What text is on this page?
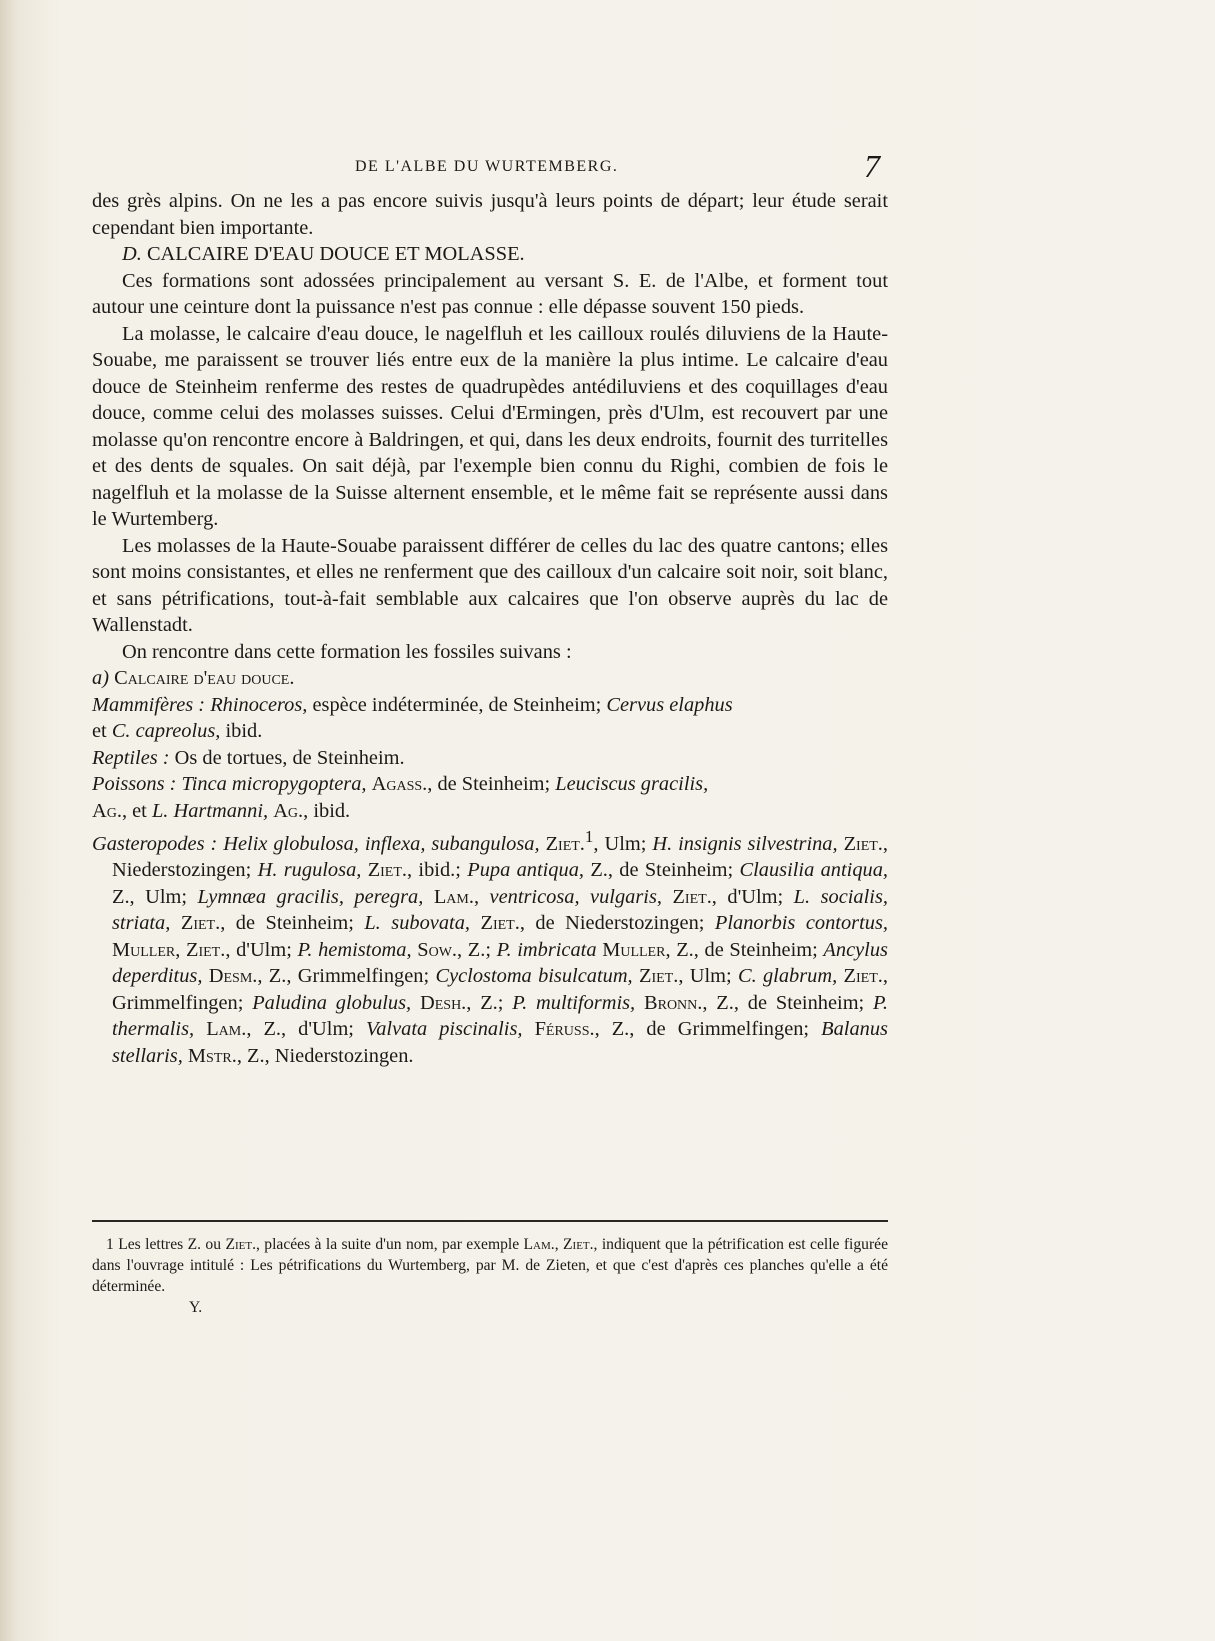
DE L'ALBE DU WURTEMBERG.	7

des grès alpins. On ne les a pas encore suivis jusqu'à leurs points de départ; leur étude serait cependant bien importante.

D. CALCAIRE D'EAU DOUCE ET MOLASSE.

Ces formations sont adossées principalement au versant S. E. de l'Albe, et forment tout autour une ceinture dont la puissance n'est pas connue : elle dépasse souvent 150 pieds.

La molasse, le calcaire d'eau douce, le nagelfluh et les cailloux roulés diluviens de la Haute-Souabe, me paraissent se trouver liés entre eux de la manière la plus intime. Le calcaire d'eau douce de Steinheim renferme des restes de quadrupèdes antédiluviens et des coquillages d'eau douce, comme celui des molasses suisses. Celui d'Ermingen, près d'Ulm, est recouvert par une molasse qu'on rencontre encore à Baldringen, et qui, dans les deux endroits, fournit des turritelles et des dents de squales. On sait déjà, par l'exemple bien connu du Righi, combien de fois le nagelfluh et la molasse de la Suisse alternent ensemble, et le même fait se représente aussi dans le Wurtemberg.

Les molasses de la Haute-Souabe paraissent différer de celles du lac des quatre cantons; elles sont moins consistantes, et elles ne renferment que des cailloux d'un calcaire soit noir, soit blanc, et sans pétrifications, tout-à-fait semblable aux calcaires que l'on observe auprès du lac de Wallenstadt.

On rencontre dans cette formation les fossiles suivans :

a) Calcaire d'eau douce.

Mammifères : Rhinoceros, espèce indéterminée, de Steinheim; Cervus elaphus

et C. capreolus, ibid.

Reptiles : Os de tortues, de Steinheim.

Poissons : Tinca micropygoptera, Agass., de Steinheim; Leuciscus gracilis,

Ag., et L. Hartmanni, Ag., ibid.

Gasteropodes : Helix globulosa, inflexa, subangulosa, Ziet.$^1$, Ulm; H. insignis silvestrina, Ziet., Niederstozingen; H. rugulosa, Ziet., ibid.; Pupa antiqua, Z., de Steinheim; Clausilia antiqua, Z., Ulm; Lymnæa gracilis, peregra, Lam., ventricosa, vulgaris, Ziet., d'Ulm; L. socialis, striata, Ziet., de Steinheim; L. subovata, Ziet., de Niederstozingen; Planorbis contortus, Muller, Ziet., d'Ulm; P. hemistoma, Sow., Z.; P. imbricata Muller, Z., de Steinheim; Ancylus deperditus, Desm., Z., Grimmelfingen; Cyclostoma bisulcatum, Ziet., Ulm; C. glabrum, Ziet., Grimmelfingen; Paludina globulus, Desh., Z.; P. multiformis, Bronn., Z., de Steinheim; P. thermalis, Lam., Z., d'Ulm; Valvata piscinalis, Féruss., Z., de Grimmelfingen; Balanus stellaris, Mstr., Z., Niederstozingen.

1 Les lettres Z. ou Ziet., placées à la suite d'un nom, par exemple Lam., Ziet., indiquent que la pétrification est celle figurée dans l'ouvrage intitulé : Les pétrifications du Wurtemberg, par M. de Zieten, et que c'est d'après ces planches qu'elle a été déterminée.

Y.
